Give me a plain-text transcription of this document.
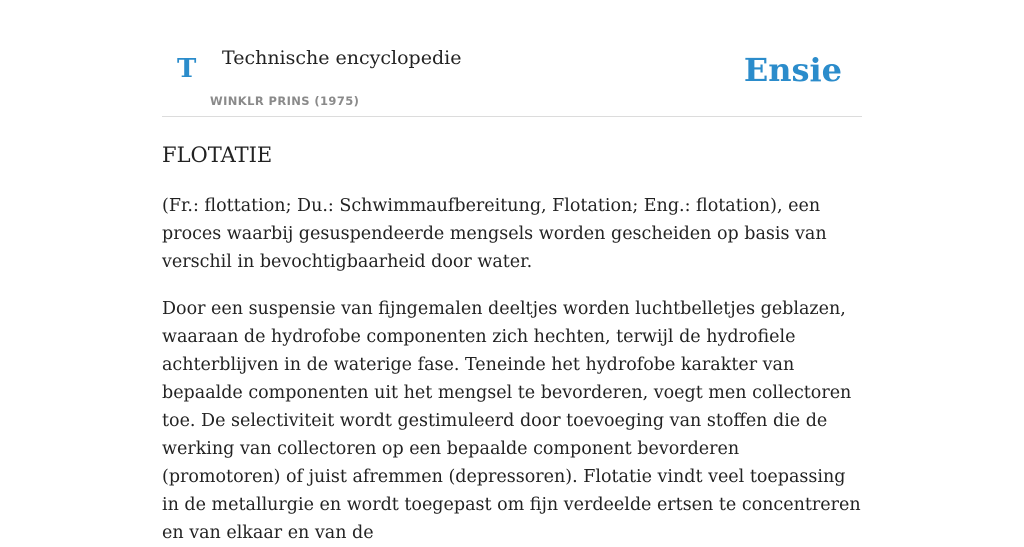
T Technische encyclopedie
WINKLR PRINS (1975)
Ensie
FLOTATIE

(Fr.: flottation; Du.: Schwimmaufbereitung, Flotation; Eng.: flotation), een proces waarbij gesuspendeerde mengsels worden gescheiden op basis van verschil in bevochtigbaarheid door water.

Door een suspensie van fijngemalen deeltjes worden luchtbelletjes geblazen, waaraan de hydrofobe componenten zich hechten, terwijl de hydrofiele achterblijven in de waterige fase. Teneinde het hydrofobe karakter van bepaalde componenten uit het mengsel te bevorderen, voegt men collectoren toe. De selectiviteit wordt gestimuleerd door toevoeging van stoffen die de werking van collectoren op een bepaalde component bevorderen (promotoren) of juist afremmen (depressoren). Flotatie vindt veel toepassing in de metallurgie en wordt toegepast om fijn verdeelde ertsen te concentreren en van elkaar en van de
